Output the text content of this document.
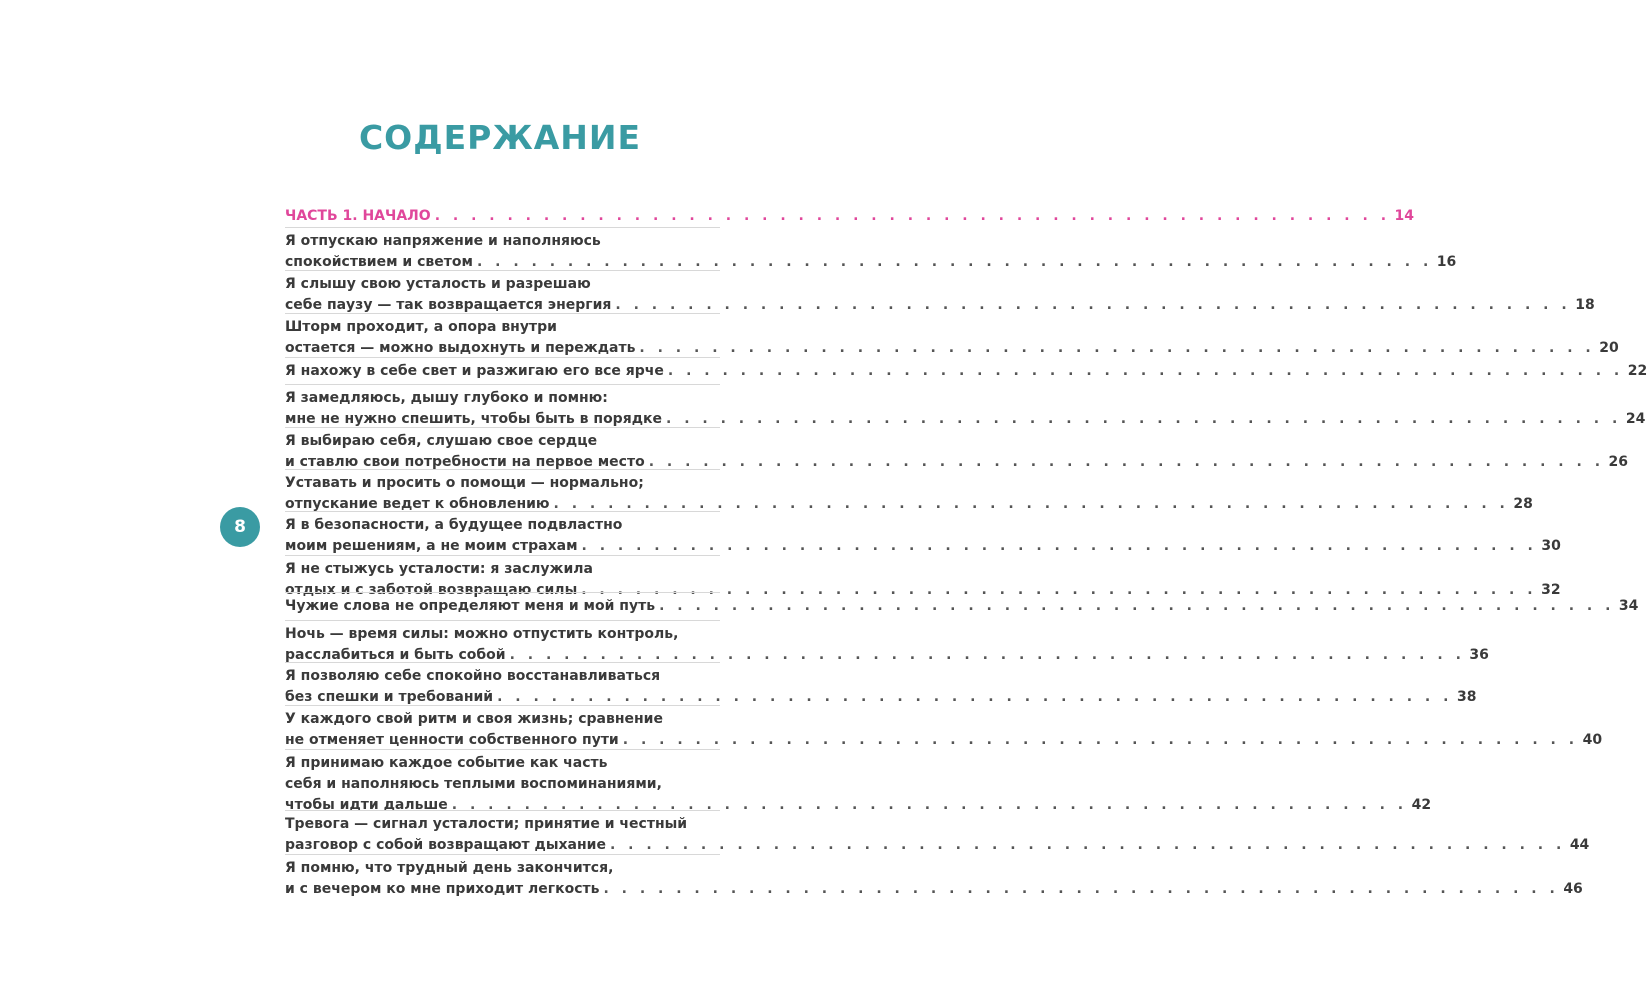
СОДЕРЖАНИЕ
8
ЧАСТЬ 1. НАЧАЛО . . . . . . . . . . . . . . . . . . . . . . . . . . . . . . . . . . . . . . . . . . . . . . . . . . . . . 14
Я отпускаю напряжение и наполняюсь
спокойствием и светом . . . . . . . . . . . . . . . . . . . . . . . . . . . . . . . . . . . . . . . . . . . . . . . . . . . . . 16
Я слышу свою усталость и разрешаю
себе паузу — так возвращается энергия . . . . . . . . . . . . . . . . . . . . . . . . . . . . . . . . . . . . . . . . . . . . . . . . . . . . . 18
Шторм проходит, а опора внутри
остается — можно выдохнуть и переждать . . . . . . . . . . . . . . . . . . . . . . . . . . . . . . . . . . . . . . . . . . . . . . . . . . . . . 20
Я нахожу в себе свет и разжигаю его все ярче . . . . . . . . . . . . . . . . . . . . . . . . . . . . . . . . . . . . . . . . . . . . . . . . . . . . . 22
Я замедляюсь, дышу глубоко и помню:
мне не нужно спешить, чтобы быть в порядке . . . . . . . . . . . . . . . . . . . . . . . . . . . . . . . . . . . . . . . . . . . . . . . . . . . . . 24
Я выбираю себя, слушаю свое сердце
и ставлю свои потребности на первое место . . . . . . . . . . . . . . . . . . . . . . . . . . . . . . . . . . . . . . . . . . . . . . . . . . . . . 26
Уставать и просить о помощи — нормально;
отпускание ведет к обновлению . . . . . . . . . . . . . . . . . . . . . . . . . . . . . . . . . . . . . . . . . . . . . . . . . . . . . 28
Я в безопасности, а будущее подвластно
моим решениям, а не моим страхам . . . . . . . . . . . . . . . . . . . . . . . . . . . . . . . . . . . . . . . . . . . . . . . . . . . . . 30
Я не стыжусь усталости: я заслужила
отдых и с заботой возвращаю силы . . . . . . . . . . . . . . . . . . . . . . . . . . . . . . . . . . . . . . . . . . . . . . . . . . . . . 32
Чужие слова не определяют меня и мой путь . . . . . . . . . . . . . . . . . . . . . . . . . . . . . . . . . . . . . . . . . . . . . . . . . . . . . 34
Ночь — время силы: можно отпустить контроль,
расслабиться и быть собой . . . . . . . . . . . . . . . . . . . . . . . . . . . . . . . . . . . . . . . . . . . . . . . . . . . . . 36
Я позволяю себе спокойно восстанавливаться
без спешки и требований . . . . . . . . . . . . . . . . . . . . . . . . . . . . . . . . . . . . . . . . . . . . . . . . . . . . . 38
У каждого свой ритм и своя жизнь; сравнение
не отменяет ценности собственного пути . . . . . . . . . . . . . . . . . . . . . . . . . . . . . . . . . . . . . . . . . . . . . . . . . . . . . 40
Я принимаю каждое событие как часть
себя и наполняюсь теплыми воспоминаниями,
чтобы идти дальше . . . . . . . . . . . . . . . . . . . . . . . . . . . . . . . . . . . . . . . . . . . . . . . . . . . . . 42
Тревога — сигнал усталости; принятие и честный
разговор с собой возвращают дыхание . . . . . . . . . . . . . . . . . . . . . . . . . . . . . . . . . . . . . . . . . . . . . . . . . . . . . 44
Я помню, что трудный день закончится,
и с вечером ко мне приходит легкость . . . . . . . . . . . . . . . . . . . . . . . . . . . . . . . . . . . . . . . . . . . . . . . . . . . . . 46
